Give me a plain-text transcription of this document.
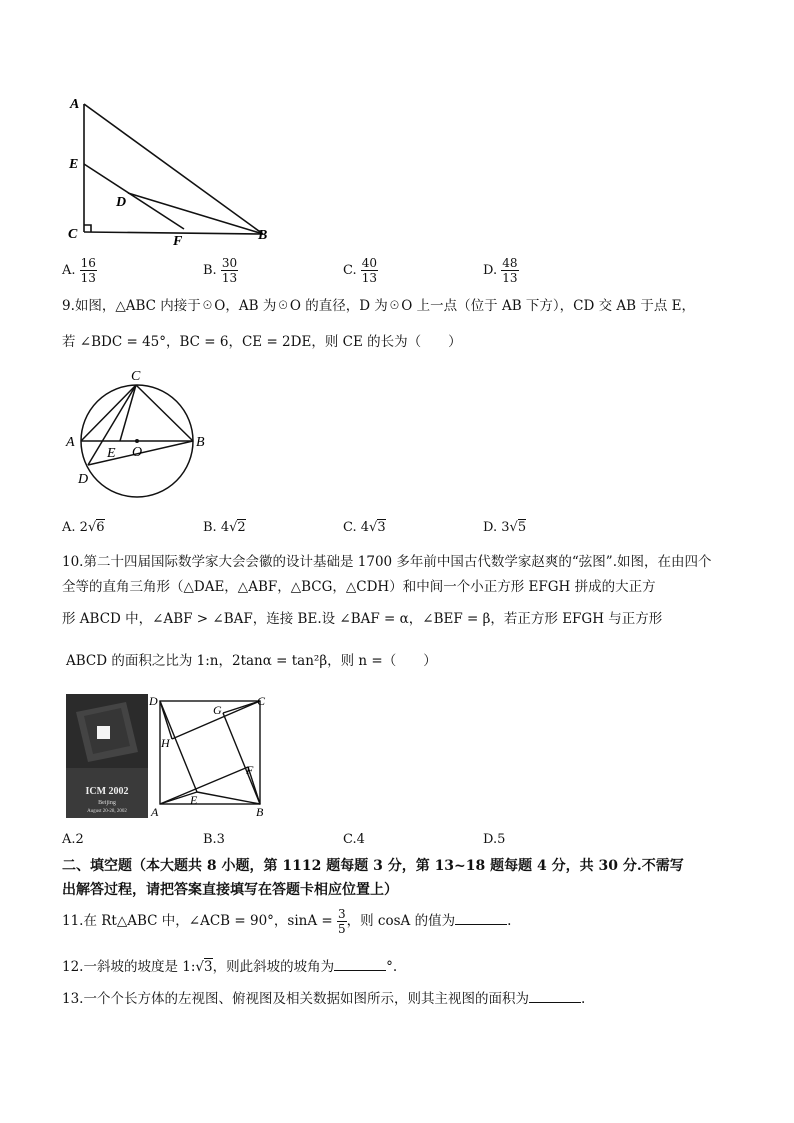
A
E
D
C	F	B
A. $\frac{16}{13}$	B. $\frac{30}{13}$	C. $\frac{40}{13}$	D. $\frac{48}{13}$
9.如图，△ABC 内接于☉O，AB 为☉O 的直径，D 为☉O 上一点（位于 AB 下方），CD 交 AB 于点 E，
若 ∠BDC = 45°，BC = 6，CE = 2DE，则 CE 的长为（　　）
C
A
E O
B
D
A. 2√6	B. 4√2	C. 4√3	D. 3√5
10.第二十四届国际数学家大会会徽的设计基础是 1700 多年前中国古代数学家赵爽的“弦图”.如图，在由四个
全等的直角三角形（△DAE，△ABF，△BCG，△CDH）和中间一个小正方形 EFGH 拼成的大正方
形 ABCD 中，∠ABF > ∠BAF，连接 BE.设 ∠BAF = α，∠BEF = β，若正方形 EFGH 与正方形
ABCD 的面积之比为 1:n，2tanα = tan²β，则 n =（　　）
ICM 2002
Beijing
August 20-28, 2002
D
G
C
H
F
E
A	B
A.2	B.3	C.4	D.5
二、填空题（本大题共 8 小题，第 1112 题每题 3 分，第 13~18 题每题 4 分，共 30 分.不需写
出解答过程，请把答案直接填写在答题卡相应位置上）
11.在 Rt△ABC 中，∠ACB = 90°，$\sin A = \frac{3}{5}$ ，则 cosA 的值为	.
12.一斜坡的坡度是 1:√3，则此斜坡的坡角为	°.
13.一个个长方体的左视图、俯视图及相关数据如图所示，则其主视图的面积为	.
